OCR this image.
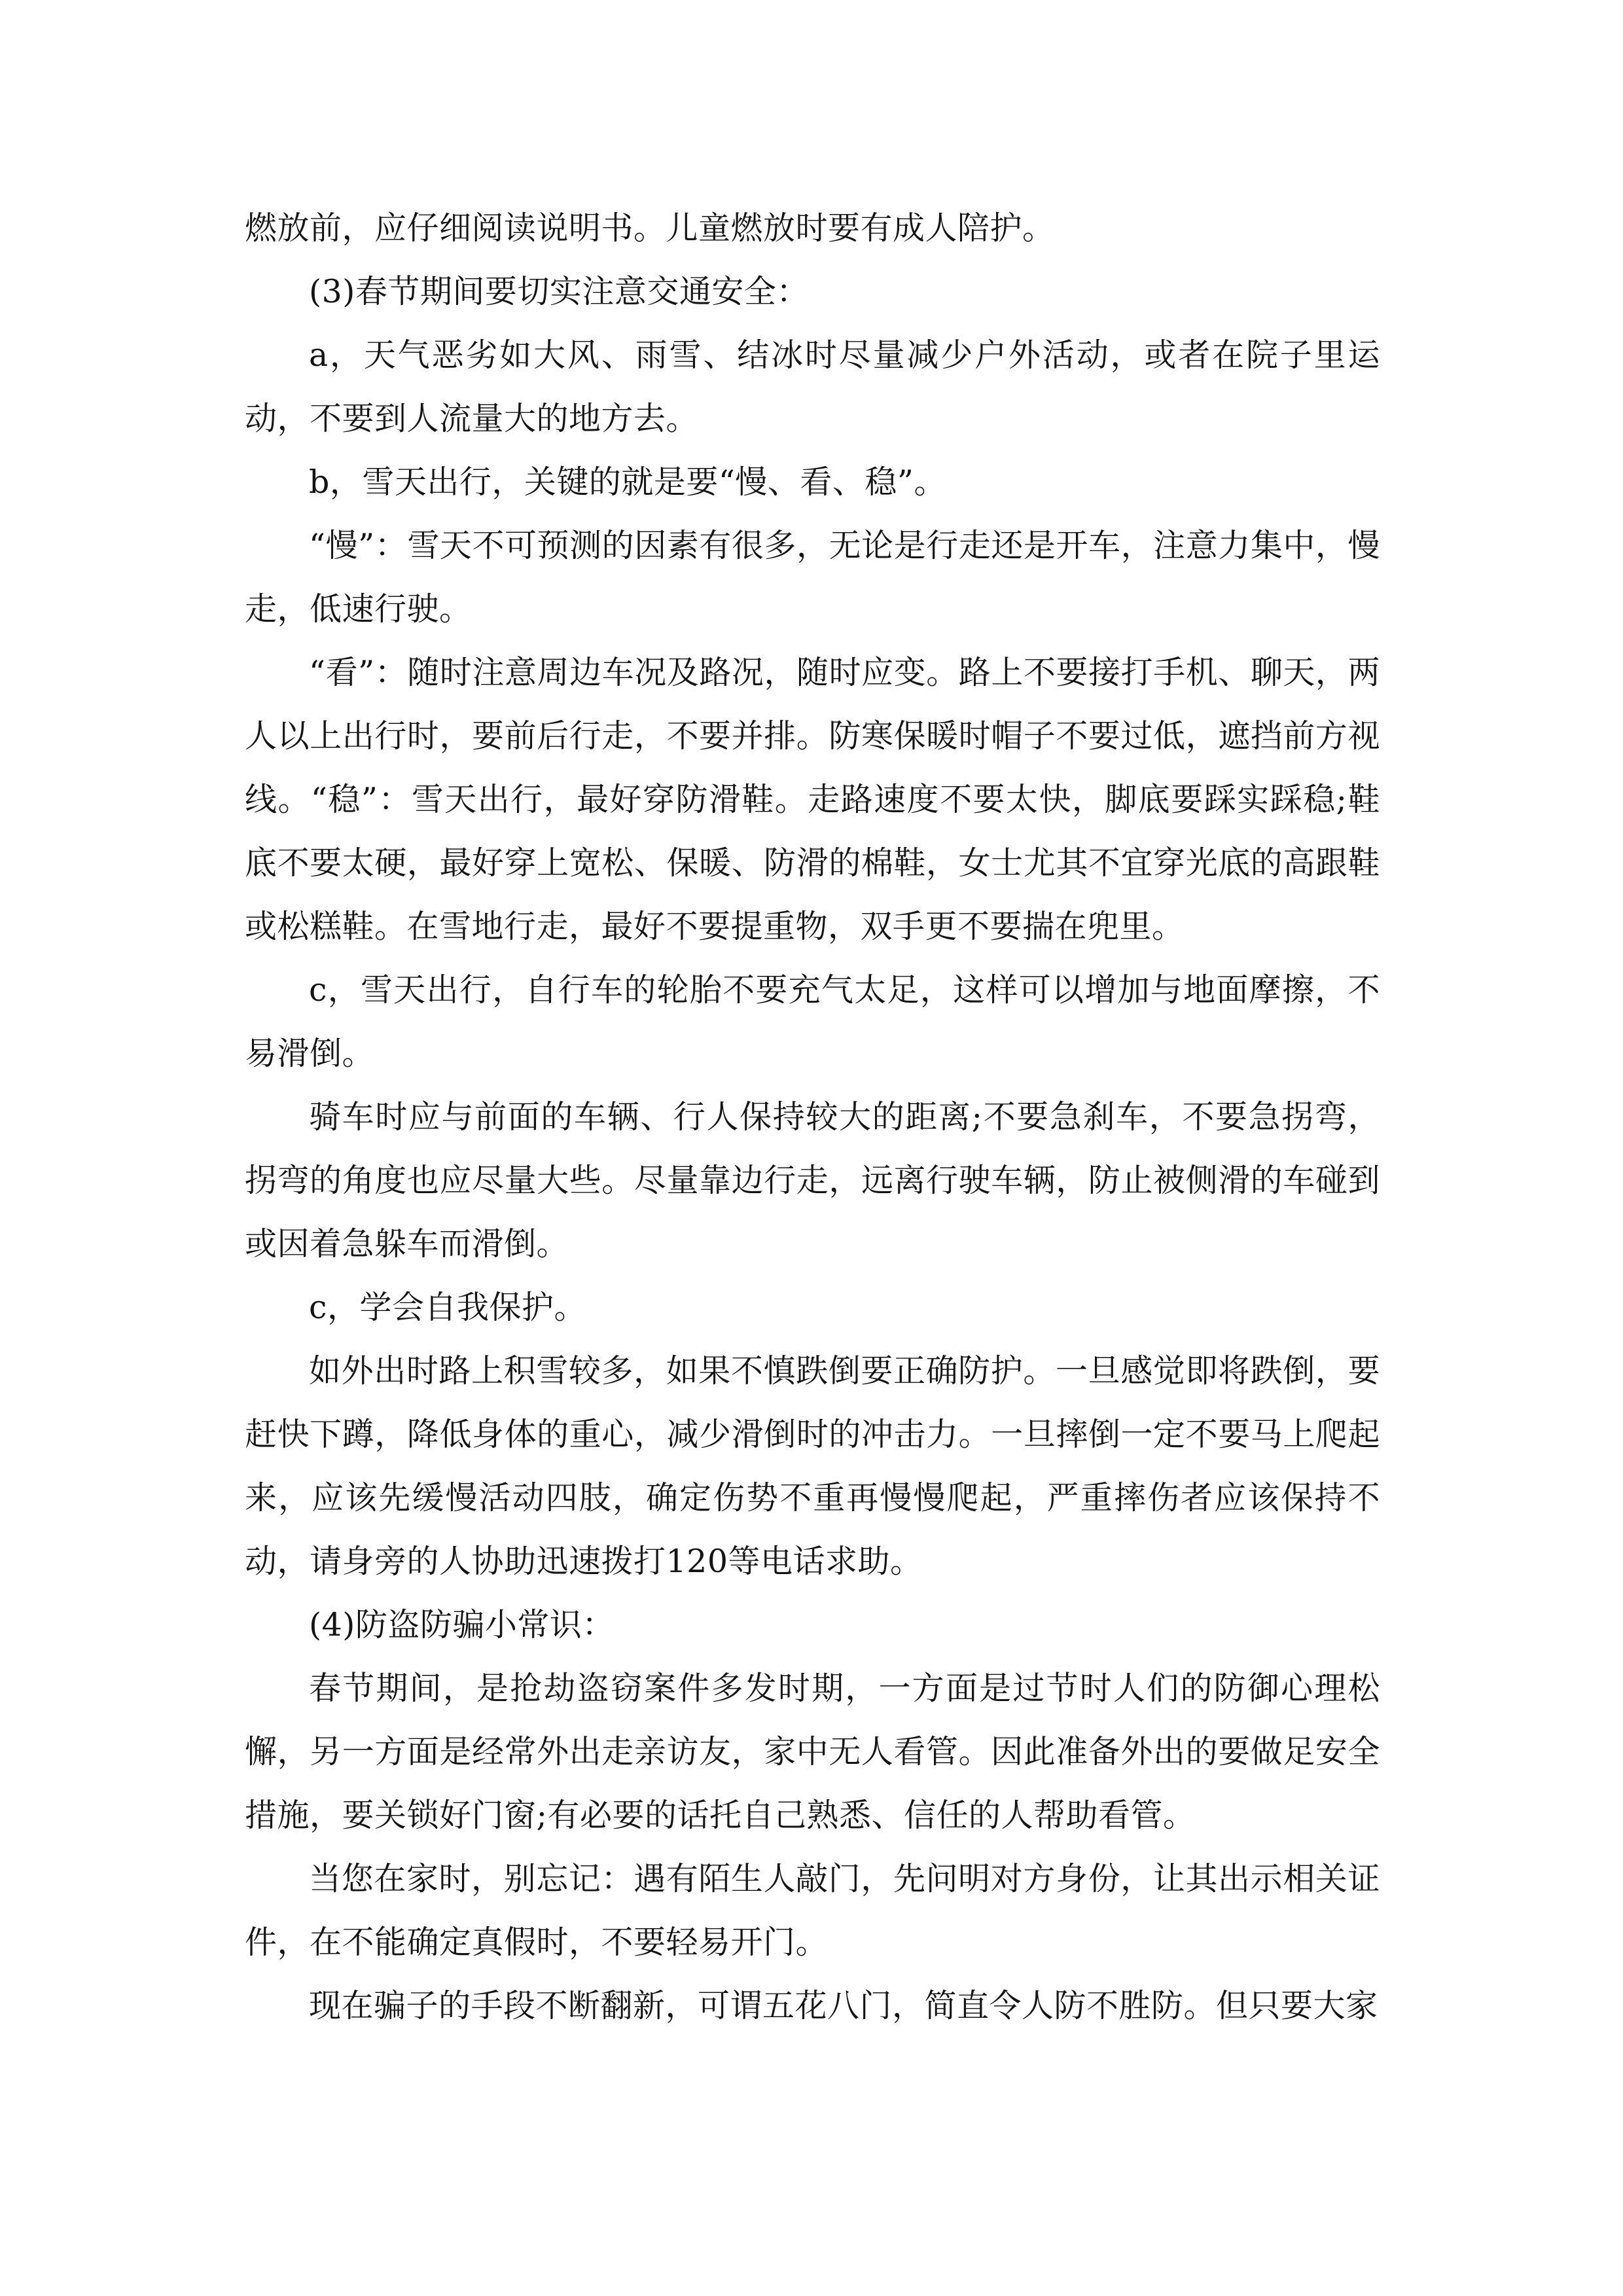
燃放前，应仔细阅读说明书。儿童燃放时要有成人陪护。

(3)春节期间要切实注意交通安全：

a，天气恶劣如大风、雨雪、结冰时尽量减少户外活动，或者在院子里运动，不要到人流量大的地方去。

b，雪天出行，关键的就是要“慢、看、稳”。

“慢”：雪天不可预测的因素有很多，无论是行走还是开车，注意力集中，慢走，低速行驶。

“看”：随时注意周边车况及路况，随时应变。路上不要接打手机、聊天，两人以上出行时，要前后行走，不要并排。防寒保暖时帽子不要过低，遮挡前方视线。“稳”：雪天出行，最好穿防滑鞋。走路速度不要太快，脚底要踩实踩稳;鞋底不要太硬，最好穿上宽松、保暖、防滑的棉鞋，女士尤其不宜穿光底的高跟鞋或松糕鞋。在雪地行走，最好不要提重物，双手更不要揣在兜里。

c，雪天出行，自行车的轮胎不要充气太足，这样可以增加与地面摩擦，不易滑倒。

骑车时应与前面的车辆、行人保持较大的距离;不要急刹车，不要急拐弯，拐弯的角度也应尽量大些。尽量靠边行走，远离行驶车辆，防止被侧滑的车碰到或因着急躲车而滑倒。

c，学会自我保护。

如外出时路上积雪较多，如果不慎跌倒要正确防护。一旦感觉即将跌倒，要赶快下蹲，降低身体的重心，减少滑倒时的冲击力。一旦摔倒一定不要马上爬起来，应该先缓慢活动四肢，确定伤势不重再慢慢爬起，严重摔伤者应该保持不动，请身旁的人协助迅速拨打120等电话求助。

(4)防盗防骗小常识：

春节期间，是抢劫盗窃案件多发时期，一方面是过节时人们的防御心理松懈，另一方面是经常外出走亲访友，家中无人看管。因此准备外出的要做足安全措施，要关锁好门窗;有必要的话托自己熟悉、信任的人帮助看管。

当您在家时，别忘记：遇有陌生人敲门，先问明对方身份，让其出示相关证件，在不能确定真假时，不要轻易开门。

现在骗子的手段不断翻新，可谓五花八门，简直令人防不胜防。但只要大家
